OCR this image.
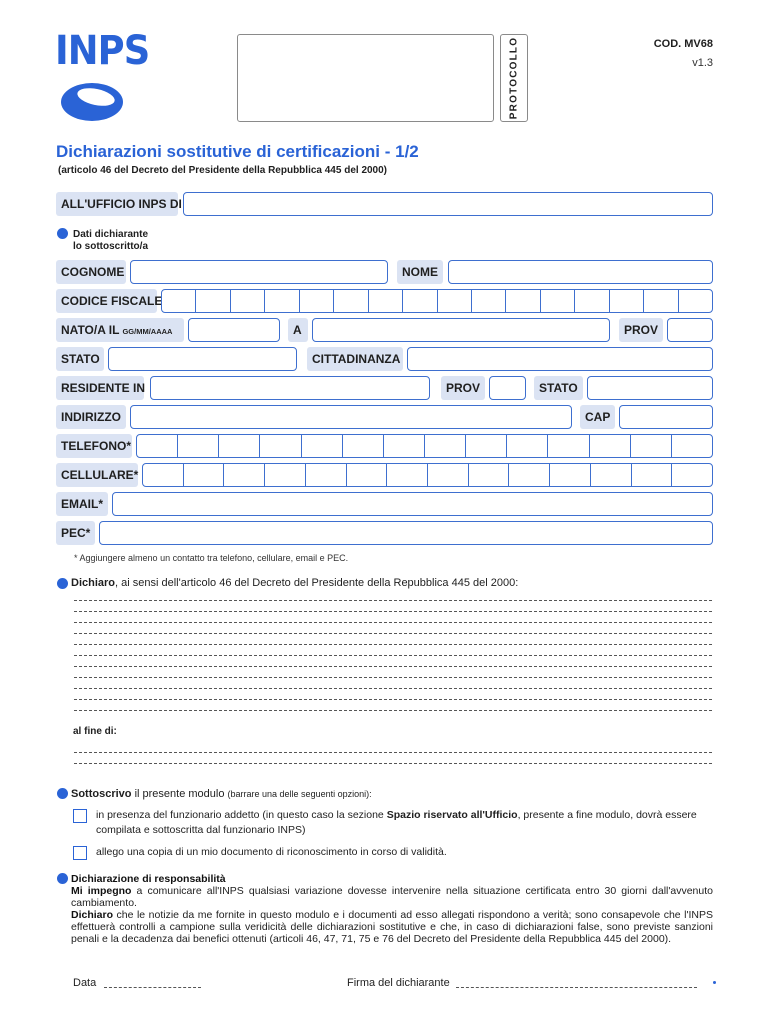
INPS	PROTOCOLLO	COD. MV68
v1.3
Dichiarazioni sostitutive di certificazioni - 1/2
(articolo 46 del Decreto del Presidente della Repubblica 445 del 2000)
ALL'UFFICIO INPS DI
Dati dichiarante
lo sottoscritto/a
COGNOME	NOME
CODICE FISCALE
NATO/A IL GG/MM/AAAA	A	PROV
STATO	CITTADINANZA
RESIDENTE IN	PROV	STATO
INDIRIZZO	CAP
TELEFONO*
CELLULARE*
EMAIL*
PEC*
* Aggiungere almeno un contatto tra telefono, cellulare, email e PEC.
Dichiaro, ai sensi dell'articolo 46 del Decreto del Presidente della Repubblica 445 del 2000:
al fine di:
Sottoscrivo il presente modulo (barrare una delle seguenti opzioni):
in presenza del funzionario addetto (in questo caso la sezione Spazio riservato all'Ufficio, presente a fine modulo, dovrà essere compilata e sottoscritta dal funzionario INPS)
allego una copia di un mio documento di riconoscimento in corso di validità.
Dichiarazione di responsabilità
Mi impegno a comunicare all'INPS qualsiasi variazione dovesse intervenire nella situazione certificata entro 30 giorni dall'avvenuto cambiamento.
Dichiaro che le notizie da me fornite in questo modulo e i documenti ad esso allegati rispondono a verità; sono consapevole che l'INPS effettuerà controlli a campione sulla veridicità delle dichiarazioni sostitutive e che, in caso di dichiarazioni false, sono previste sanzioni penali e la decadenza dai benefici ottenuti (articoli 46, 47, 71, 75 e 76 del Decreto del Presidente della Repubblica 445 del 2000).
Data	Firma del dichiarante
